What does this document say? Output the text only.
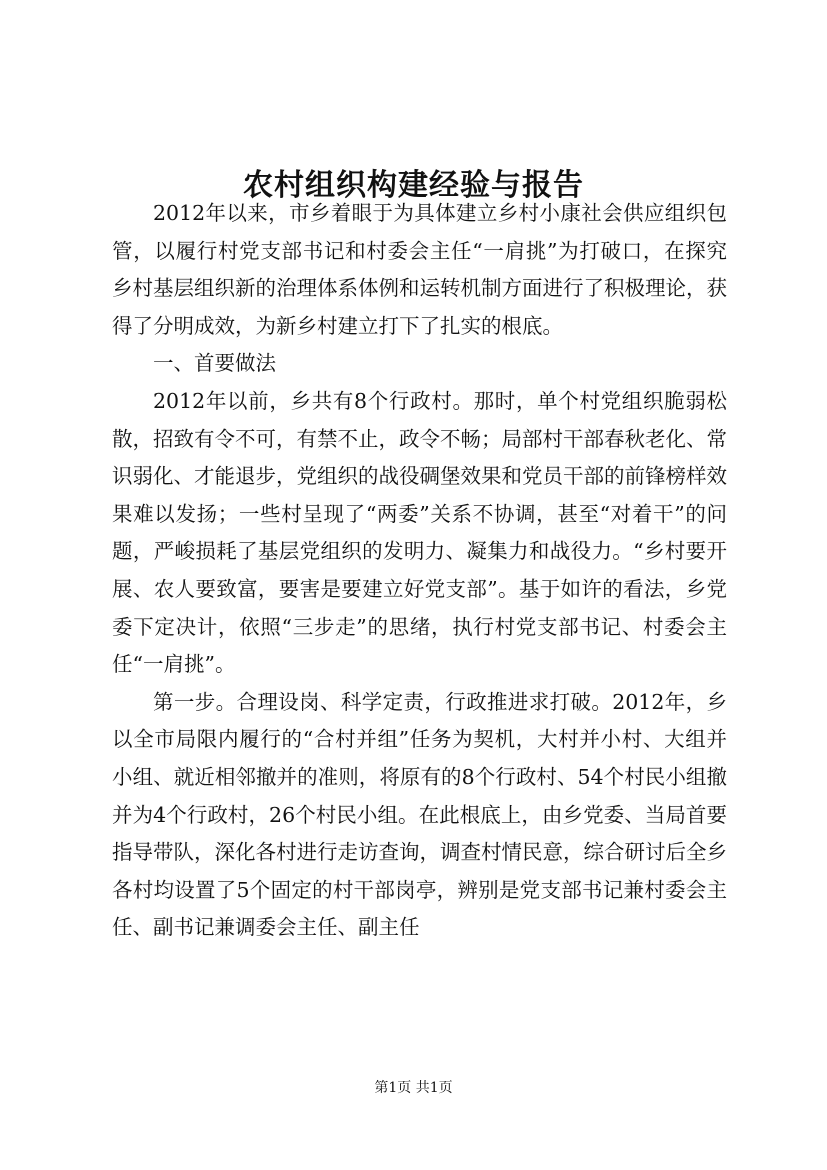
农村组织构建经验与报告

2012年以来，市乡着眼于为具体建立乡村小康社会供应组织包管，以履行村党支部书记和村委会主任“一肩挑”为打破口，在探究乡村基层组织新的治理体系体例和运转机制方面进行了积极理论，获得了分明成效，为新乡村建立打下了扎实的根底。

一、首要做法

2012年以前，乡共有8个行政村。那时，单个村党组织脆弱松散，招致有令不可，有禁不止，政令不畅；局部村干部春秋老化、常识弱化、才能退步，党组织的战役碉堡效果和党员干部的前锋榜样效果难以发扬；一些村呈现了“两委”关系不协调，甚至“对着干”的问题，严峻损耗了基层党组织的发明力、凝集力和战役力。“乡村要开展、农人要致富，要害是要建立好党支部”。基于如许的看法，乡党委下定决计，依照“三步走”的思绪，执行村党支部书记、村委会主任“一肩挑”。

第一步。合理设岗、科学定责，行政推进求打破。2012年，乡以全市局限内履行的“合村并组”任务为契机，大村并小村、大组并小组、就近相邻撤并的准则，将原有的8个行政村、54个村民小组撤并为4个行政村，26个村民小组。在此根底上，由乡党委、当局首要指导带队，深化各村进行走访查询，调查村情民意，综合研讨后全乡各村均设置了5个固定的村干部岗亭，辨别是党支部书记兼村委会主任、副书记兼调委会主任、副主任

第1页 共1页
